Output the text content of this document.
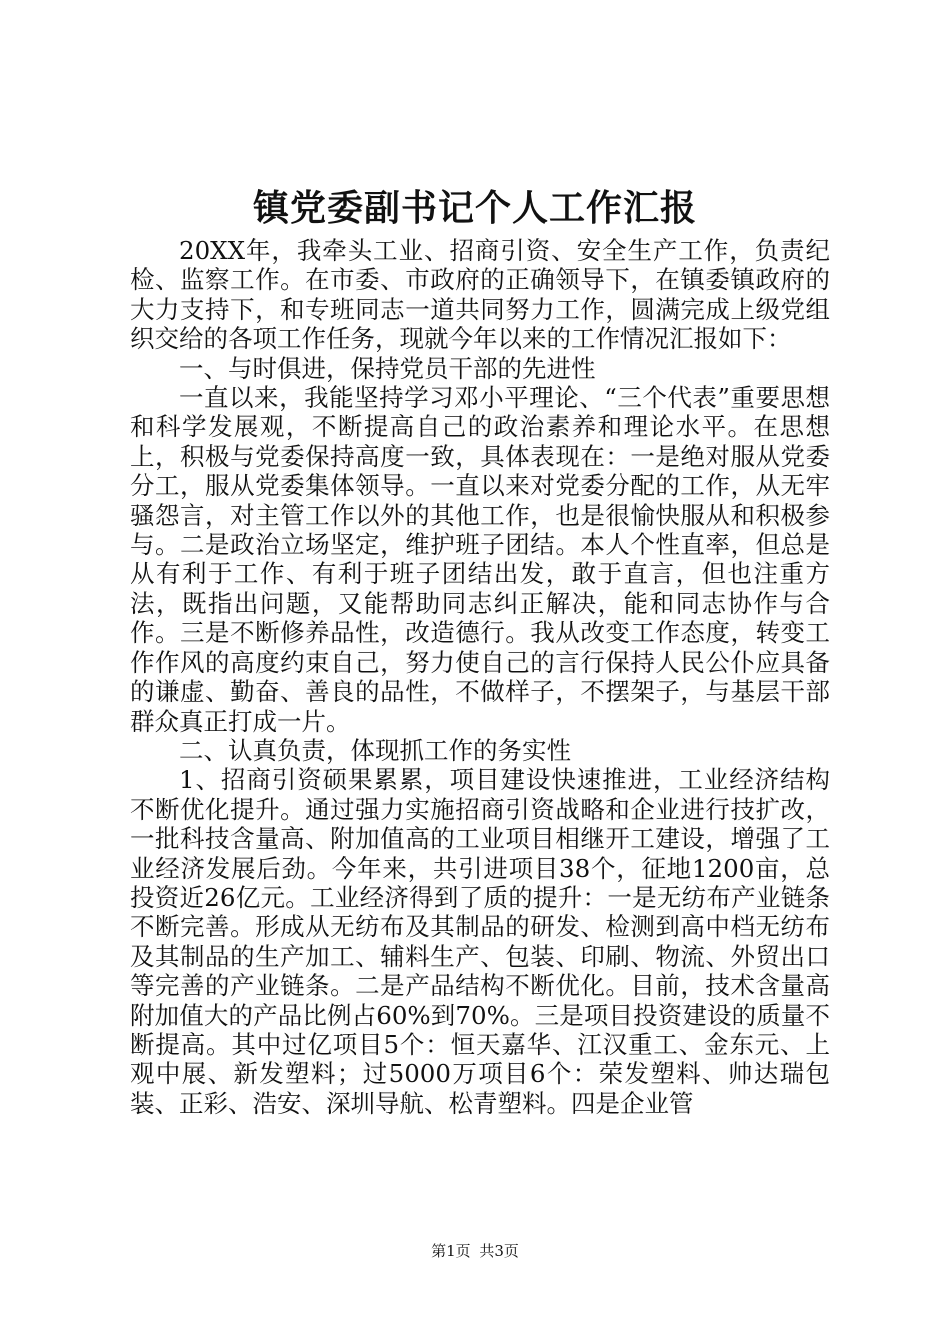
镇党委副书记个人工作汇报

20XX年，我牵头工业、招商引资、安全生产工作，负责纪检、监察工作。在市委、市政府的正确领导下，在镇委镇政府的大力支持下，和专班同志一道共同努力工作，圆满完成上级党组织交给的各项工作任务，现就今年以来的工作情况汇报如下：

一、与时俱进，保持党员干部的先进性

一直以来，我能坚持学习邓小平理论、“三个代表”重要思想和科学发展观，不断提高自己的政治素养和理论水平。在思想上，积极与党委保持高度一致，具体表现在：一是绝对服从党委分工，服从党委集体领导。一直以来对党委分配的工作，从无牢骚怨言，对主管工作以外的其他工作，也是很愉快服从和积极参与。二是政治立场坚定，维护班子团结。本人个性直率，但总是从有利于工作、有利于班子团结出发，敢于直言，但也注重方法，既指出问题，又能帮助同志纠正解决，能和同志协作与合作。三是不断修养品性，改造德行。我从改变工作态度，转变工作作风的高度约束自己，努力使自己的言行保持人民公仆应具备的谦虚、勤奋、善良的品性，不做样子，不摆架子，与基层干部群众真正打成一片。

二、认真负责，体现抓工作的务实性

1、招商引资硕果累累，项目建设快速推进，工业经济结构不断优化提升。通过强力实施招商引资战略和企业进行技扩改，一批科技含量高、附加值高的工业项目相继开工建设，增强了工业经济发展后劲。今年来，共引进项目38个，征地1200亩，总投资近26亿元。工业经济得到了质的提升：一是无纺布产业链条不断完善。形成从无纺布及其制品的研发、检测到高中档无纺布及其制品的生产加工、辅料生产、包装、印刷、物流、外贸出口等完善的产业链条。二是产品结构不断优化。目前，技术含量高附加值大的产品比例占60%到70%。三是项目投资建设的质量不断提高。其中过亿项目5个：恒天嘉华、江汉重工、金东元、上观中展、新发塑料；过5000万项目6个：荣发塑料、帅达瑞包装、正彩、浩安、深圳导航、松青塑料。四是企业管

第1页 共3页
